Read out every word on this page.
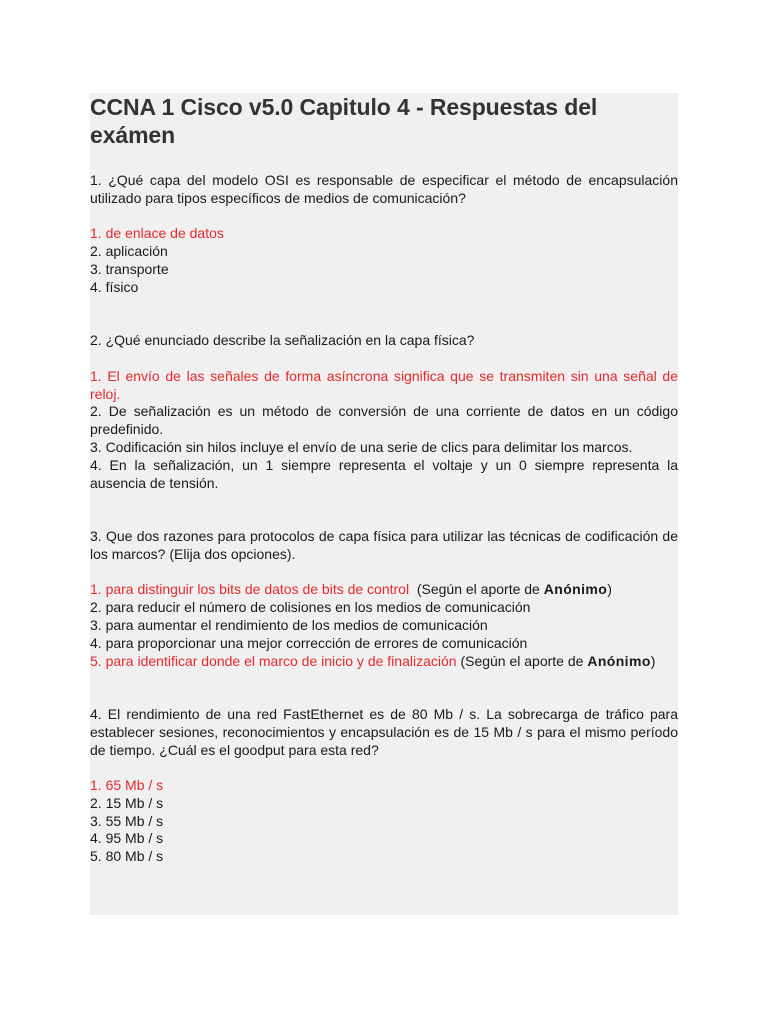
CCNA 1 Cisco v5.0 Capitulo 4 - Respuestas del exámen

1. ¿Qué capa del modelo OSI es responsable de especificar el método de encapsulación utilizado para tipos específicos de medios de comunicación?

1. de enlace de datos
2. aplicación
3. transporte
4. físico

2. ¿Qué enunciado describe la señalización en la capa física?

1. El envío de las señales de forma asíncrona significa que se transmiten sin una señal de reloj.
2. De señalización es un método de conversión de una corriente de datos en un código predefinido.
3. Codificación sin hilos incluye el envío de una serie de clics para delimitar los marcos.
4. En la señalización, un 1 siempre representa el voltaje y un 0 siempre representa la ausencia de tensión.

3. Que dos razones para protocolos de capa física para utilizar las técnicas de codificación de los marcos? (Elija dos opciones).

1. para distinguir los bits de datos de bits de control (Según el aporte de Anónimo)
2. para reducir el número de colisiones en los medios de comunicación
3. para aumentar el rendimiento de los medios de comunicación
4. para proporcionar una mejor corrección de errores de comunicación
5. para identificar donde el marco de inicio y de finalización (Según el aporte de Anónimo)

4. El rendimiento de una red FastEthernet es de 80 Mb / s. La sobrecarga de tráfico para establecer sesiones, reconocimientos y encapsulación es de 15 Mb / s para el mismo período de tiempo. ¿Cuál es el goodput para esta red?

1. 65 Mb / s
2. 15 Mb / s
3. 55 Mb / s
4. 95 Mb / s
5. 80 Mb / s
